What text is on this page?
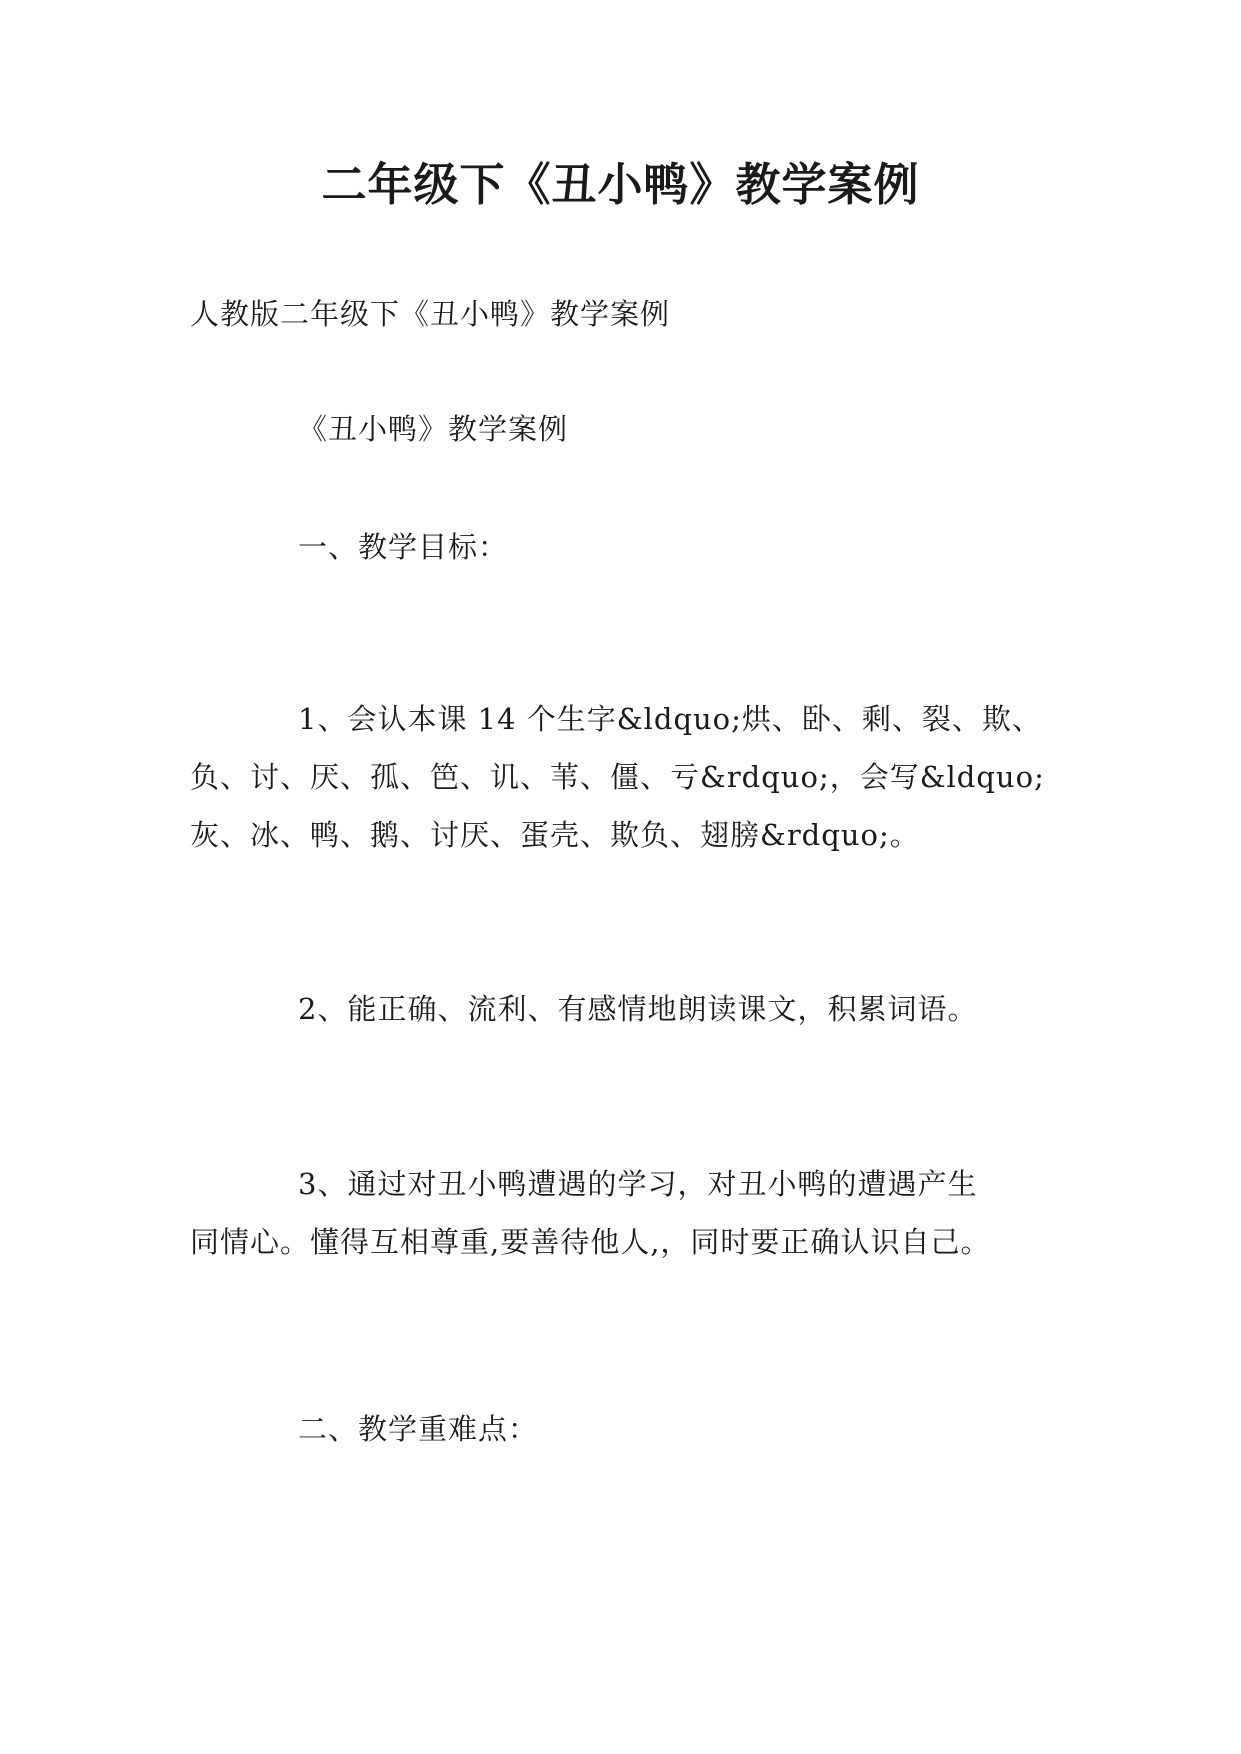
二年级下《丑小鸭》教学案例

人教版二年级下《丑小鸭》教学案例

《丑小鸭》教学案例

一、教学目标：

1、会认本课 14 个生字&ldquo;烘、卧、剩、裂、欺、
负、讨、厌、孤、笆、讥、苇、僵、亏&rdquo;，会写&ldquo;
灰、冰、鸭、鹅、讨厌、蛋壳、欺负、翅膀&rdquo;。
2、能正确、流利、有感情地朗读课文，积累词语。
3、通过对丑小鸭遭遇的学习，对丑小鸭的遭遇产生
同情心。懂得互相尊重,要善待他人,，同时要正确认识自己。

二、教学重难点：
